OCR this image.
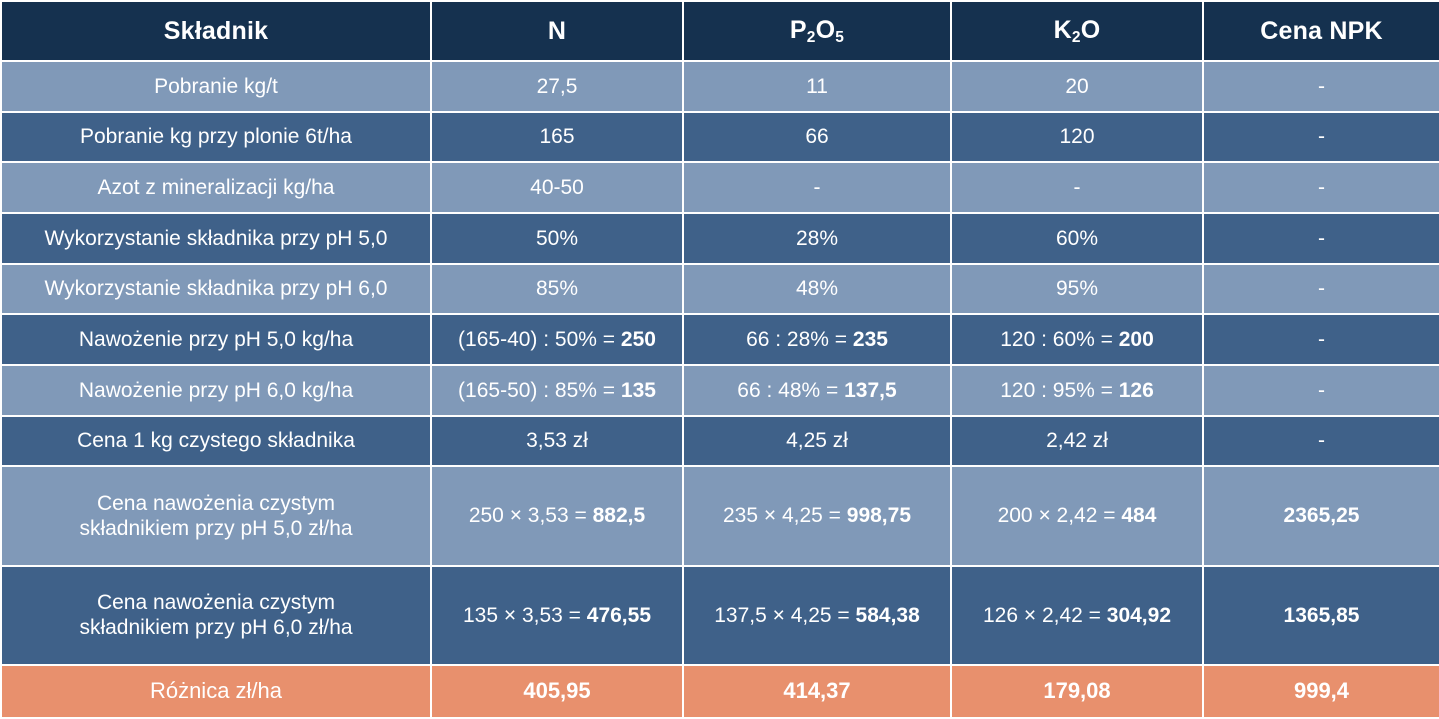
Składnik	N	$P_2O_5$	$K_2O$	Cena NPK
Pobranie kg/t	27,5	11	20	-
Pobranie kg przy plonie 6t/ha	165	66	120	-
Azot z mineralizacji kg/ha	40-50	-	-	-
Wykorzystanie składnika przy pH 5,0	50%	28%	60%	-
Wykorzystanie składnika przy pH 6,0	85%	48%	95%	-
Nawożenie przy pH 5,0 kg/ha	(165-40) : 50% = 250	66 : 28% = 235	120 : 60% = 200	-
Nawożenie przy pH 6,0 kg/ha	(165-50) : 85% = 135	66 : 48% = 137,5	120 : 95% = 126	-
Cena 1 kg czystego składnika	3,53 zł	4,25 zł	2,42 zł	-
Cena nawożenia czystym
składnikiem przy pH 5,0 zł/ha	250 × 3,53 = 882,5	235 × 4,25 = 998,75	200 × 2,42 = 484	2365,25
Cena nawożenia czystym
składnikiem przy pH 6,0 zł/ha	135 × 3,53 = 476,55	137,5 × 4,25 = 584,38	126 × 2,42 = 304,92	1365,85
Różnica zł/ha	405,95	414,37	179,08	999,4
